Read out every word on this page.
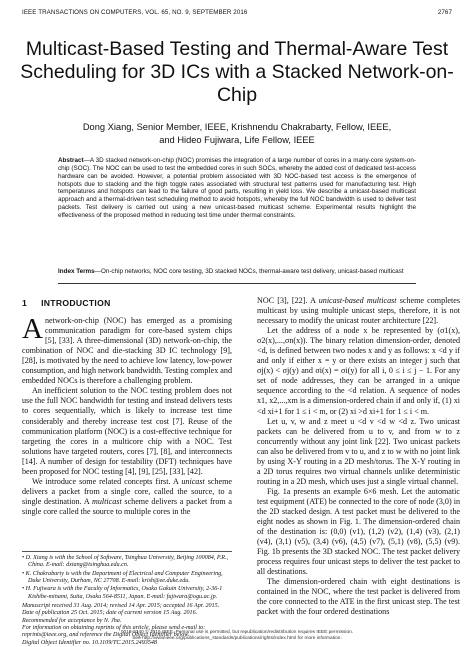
IEEE TRANSACTIONS ON COMPUTERS, VOL. 65, NO. 9, SEPTEMBER 2016	2767
Multicast-Based Testing and Thermal-Aware Test Scheduling for 3D ICs with a Stacked Network-on-Chip
Dong Xiang, Senior Member, IEEE, Krishnendu Chakrabarty, Fellow, IEEE,
and Hideo Fujiwara, Life Fellow, IEEE
Abstract—A 3D stacked network-on-chip (NOC) promises the integration of a large number of cores in a many-core system-on-chip (SOC). The NOC can be used to test the embedded cores in such SOCs, whereby the added cost of dedicated test-access hardware can be avoided. However, a potential problem associated with 3D NOC-based test access is the emergence of hotspots due to stacking and the high toggle rates associated with structural test patterns used for manufacturing test. High temperatures and hotspots can lead to the failure of good parts, resulting in yield loss. We describe a unicast-based multicast approach and a thermal-driven test scheduling method to avoid hotspots, whereby the full NOC bandwidth is used to deliver test packets. Test delivery is carried out using a new unicast-based multicast scheme. Experimental results highlight the effectiveness of the proposed method in reducing test time under thermal constraints.
Index Terms—On-chip networks, NOC core testing, 3D stacked NOCs, thermal-aware test delivery, unicast-based multicast
1 INTRODUCTION

Anetwork-on-chip (NOC) has emerged as a promising communication paradigm for core-based system chips [5], [33]. A three-dimensional (3D) network-on-chip, the combination of NOC and die-stacking 3D IC technology [9], [28], is motivated by the need to achieve low latency, low-power consumption, and high network bandwidth. Testing complex and embedded NOCs is therefore a challenging problem.

An inefficient solution to the NOC testing problem does not use the full NOC bandwidth for testing and instead delivers tests to cores sequentially, which is likely to increase test time considerably and thereby increase test cost [7]. Reuse of the communication platform (NOC) is a cost-effective technique for targeting the cores in a multicore chip with a NOC. Test solutions have targeted routers, cores [7], [8], and interconnects [14]. A number of design for testability (DFT) techniques have been proposed for NOC testing [4], [9], [25], [33], [42].

We introduce some related concepts first. A unicast scheme delivers a packet from a single core, called the source, to a single destination. A multicast scheme delivers a packet from a single core called the source to multiple cores in the

• D. Xiang is with the School of Software, Tsinghua University, Beijing 100084, P.R., China. E-mail: dxiang@tsinghua.edu.cn.
• K. Chakrabarty is with the Department of Electrical and Computer Engineering, Duke University, Durham, NC 27708. E-mail: krish@ee.duke.edu.
• H. Fujiwara is with the Faculty of Informatics, Osaka Gakuin University, 2-36-1 Kishibe-minami, Suita, Osaka 564-8511, Japan. E-mail: fujiwara@ogu.ac.jp.
Manuscript received 31 Aug. 2014; revised 14 Apr. 2015; accepted 16 Apr. 2015. Date of publication 25 Oct. 2015; date of current version 15 Aug. 2016. Recommended for acceptance by N. Jha.
For information on obtaining reprints of this article, please send e-mail to: reprints@ieee.org, and reference the Digital Object Identifier below.
Digital Object Identifier no. 10.1109/TC.2015.2493548

NOC [3], [22]. A unicast-based multicast scheme completes multicast by using multiple unicast steps, therefore, it is not necessary to modify the unicast router architecture [22].

Let the address of a node x be represented by (σ1(x), σ2(x),...,σn(x)). The binary relation dimension-order, denoted <d, is defined between two nodes x and y as follows: x <d y if and only if either x = y or there exists an integer j such that σj(x) < σj(y) and σi(x) = σi(y) for all i, 0 ≤ i ≤ j − 1. For any set of node addresses, they can be arranged in a unique sequence according to the <d relation. A sequence of nodes x1, x2,...,xm is a dimension-ordered chain if and only if, (1) xi <d xi+1 for 1 ≤ i < m, or (2) xi >d xi+1 for 1 ≤ i < m.

Let u, v, w and z meet u <d v <d w <d z. Two unicast packets can be delivered from u to v, and from w to z concurrently without any joint link [22]. Two unicast packets can also be delivered from v to u, and z to w with no joint link by using X-Y routing in a 2D mesh/torus. The X-Y routing in a 2D torus requires two virtual channels unlike deterministic routing in a 2D mesh, which uses just a single virtual channel.

Fig. 1a presents an example 6×6 mesh. Let the automatic test equipment (ATE) be connected to the core of node (3,0) in the 2D stacked design. A test packet must be delivered to the eight nodes as shown in Fig. 1. The dimension-ordered chain of the destination is: (0,0) (v1), (1,2) (v2), (1,4) (v3), (2,1) (v4), (3,1) (v5), (3,4) (v6), (4,5) (v7), (5,1) (v8), (5,5) (v9). Fig. 1b presents the 3D stacked NOC. The test packet delivery process requires four unicast steps to deliver the test packet to all destinations.

The dimension-ordered chain with eight destinations is contained in the NOC, where the test packet is delivered from the core connected to the ATE in the first unicast step. The test packet with the four ordered destinations

0018-9340 © 2015 IEEE. Personal use is permitted, but republication/redistribution requires IEEE permission.
See http://www.ieee.org/publications_standards/publications/rights/index.html for more information.
